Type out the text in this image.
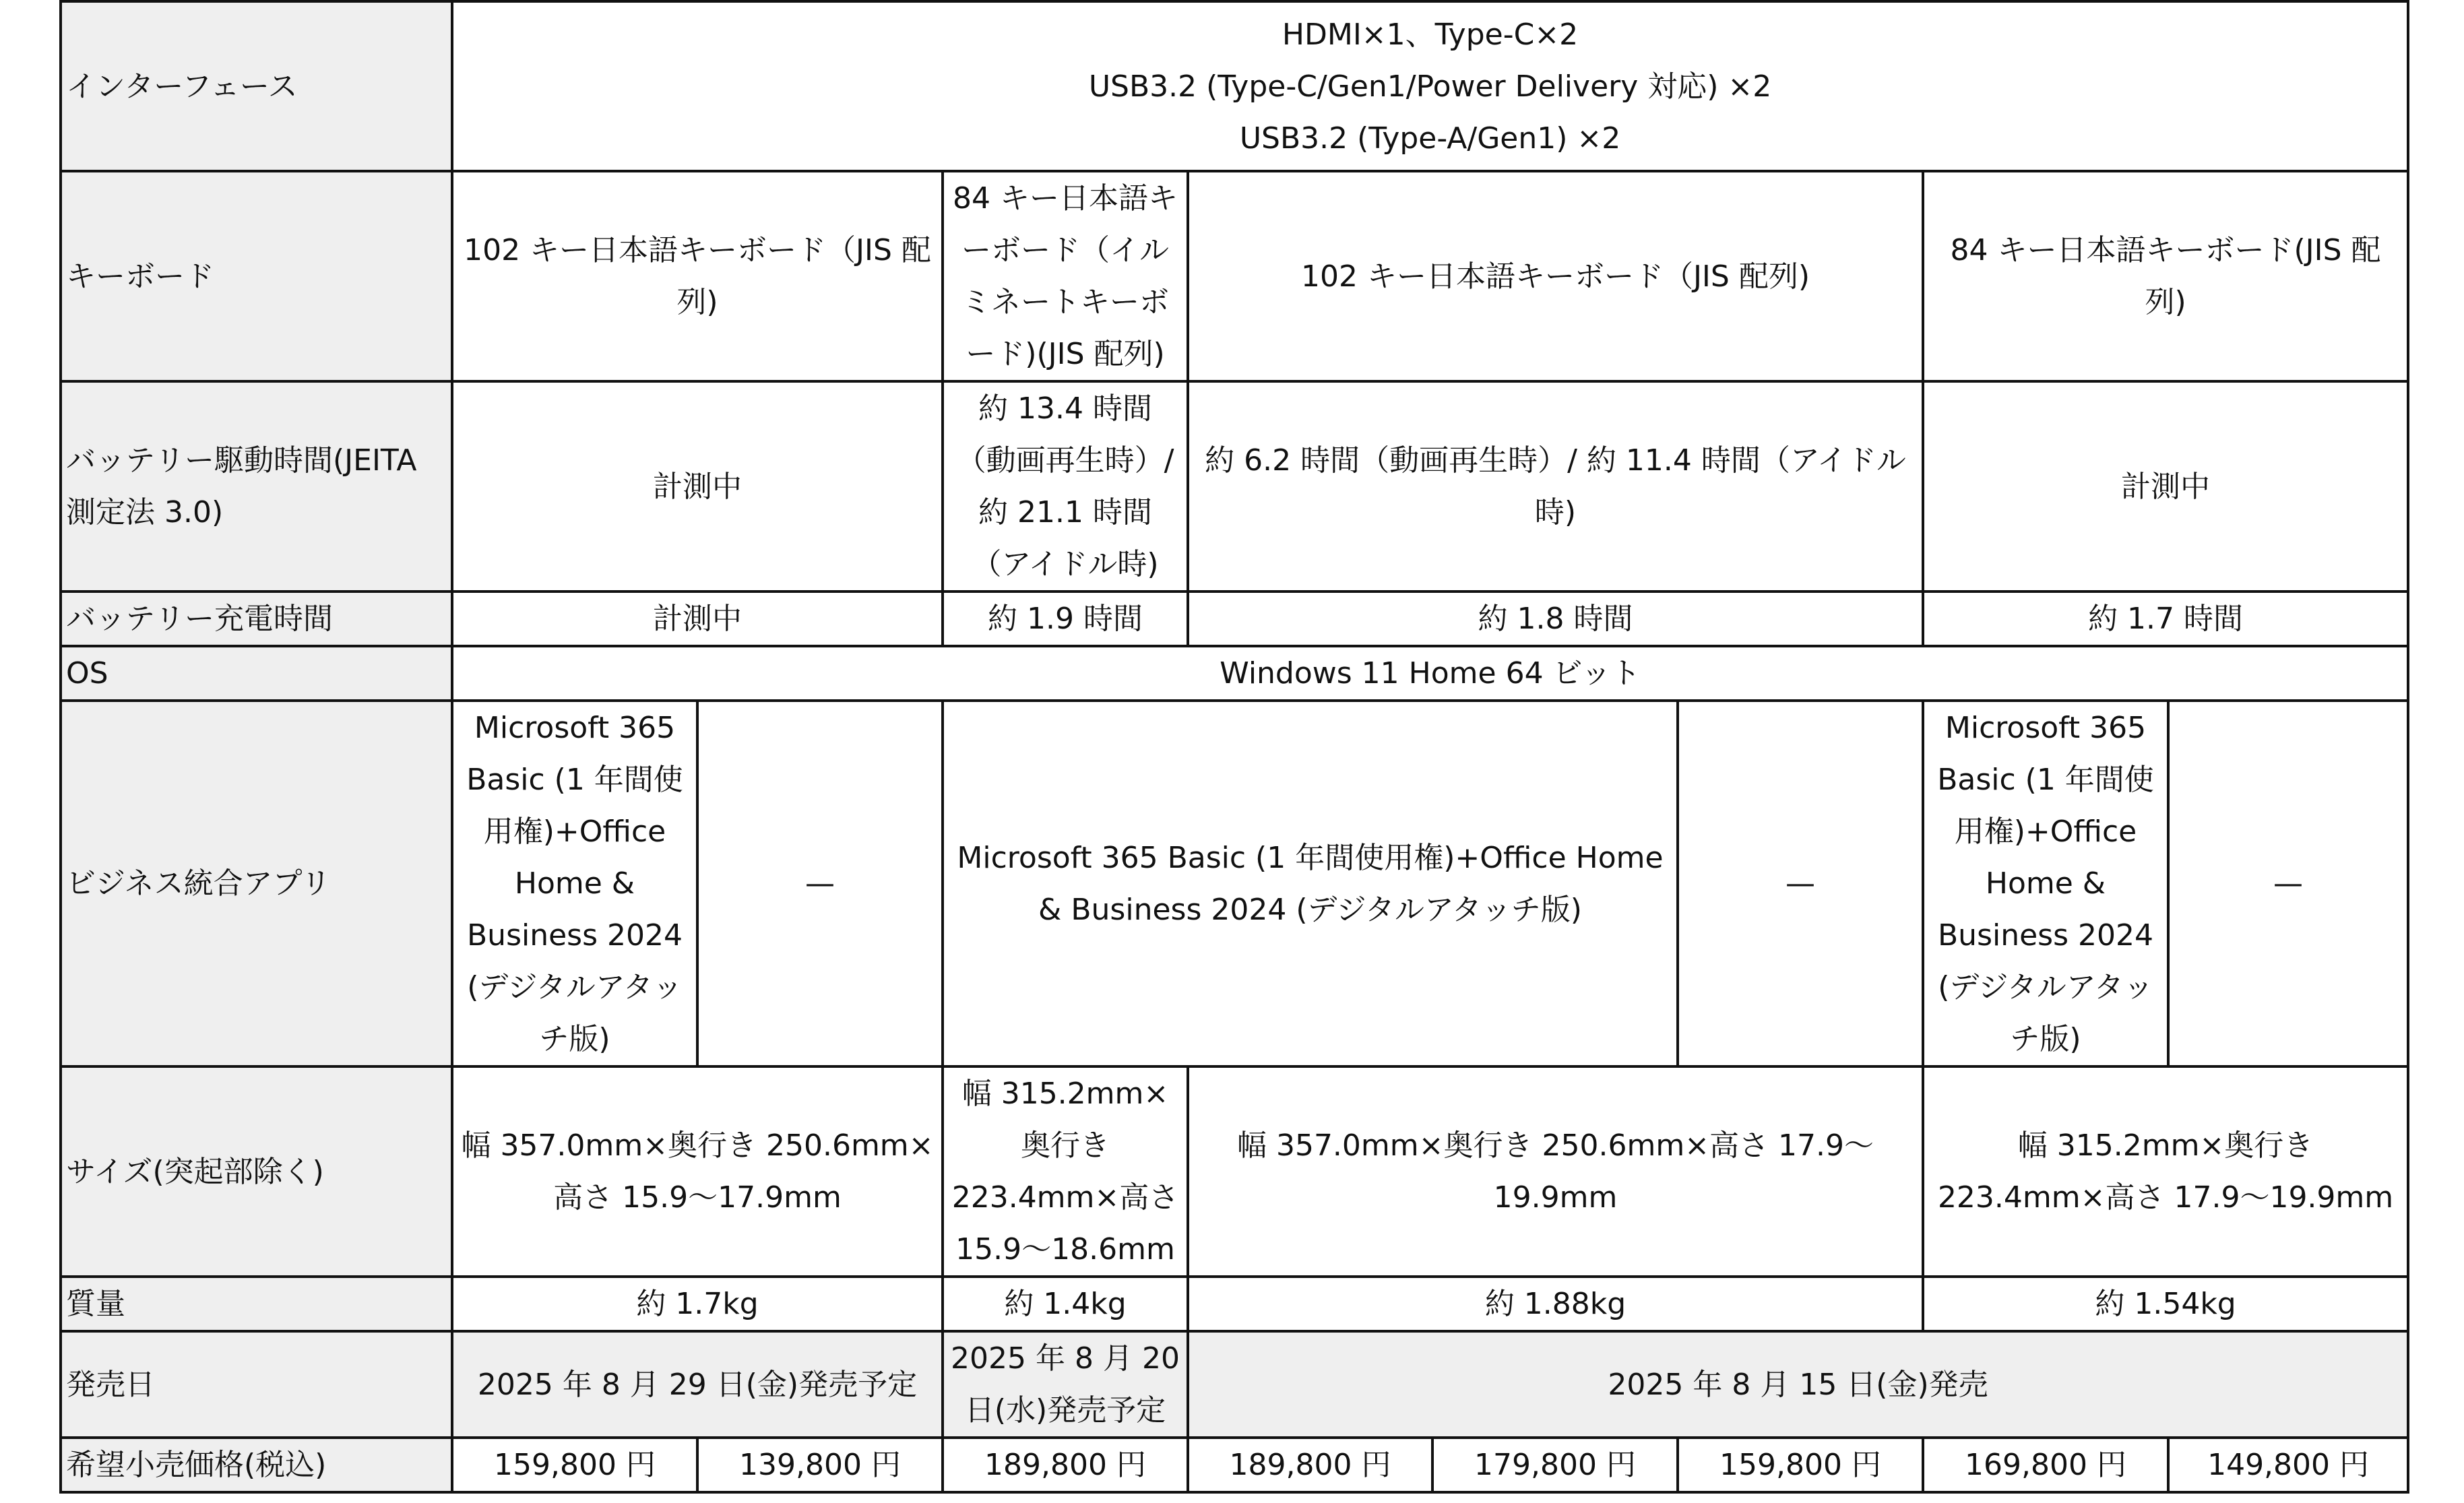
インターフェース	HDMI×1、Type-C×2
USB3.2 (Type-C/Gen1/Power Delivery 対応) ×2
USB3.2 (Type-A/Gen1) ×2							

キーボード	102 キー日本語キーボード（JIS 配列)		84 キー日本語キーボード（イルミネートキーボード)(JIS 配列)	102 キー日本語キーボード（JIS 配列)			84 キー日本語キーボード(JIS 配列)	
バッテリー駆動時間(JEITA 測定法 3.0)	計測中		約 13.4 時間（動画再生時）/ 約 21.1 時間（アイドル時)	約 6.2 時間（動画再生時）/ 約 11.4 時間（アイドル時)			計測中	
バッテリー充電時間	計測中		約 1.9 時間	約 1.8 時間			約 1.7 時間	
OS	Windows 11 Home 64 ビット							
ビジネス統合アプリ	Microsoft 365 Basic (1 年間使用権)+Office Home & Business 2024 (デジタルアタッチ版)	—	Microsoft 365 Basic (1 年間使用権)+Office Home & Business 2024 (デジタルアタッチ版)			—	Microsoft 365 Basic (1 年間使用権)+Office Home & Business 2024 (デジタルアタッチ版)	—
サイズ(突起部除く)	幅 357.0mm×奥行き 250.6mm×高さ 15.9～17.9mm		幅 315.2mm×奥行き 223.4mm×高さ 15.9～18.6mm	幅 357.0mm×奥行き 250.6mm×高さ 17.9～19.9mm			幅 315.2mm×奥行き 223.4mm×高さ 17.9～19.9mm	
質量	約 1.7kg		約 1.4kg	約 1.88kg			約 1.54kg	
発売日	2025 年 8 月 29 日(金)発売予定		2025 年 8 月 20 日(水)発売予定	2025 年 8 月 15 日(金)発売				
希望小売価格(税込)	159,800 円	139,800 円	189,800 円	189,800 円	179,800 円	159,800 円	169,800 円	149,800 円
